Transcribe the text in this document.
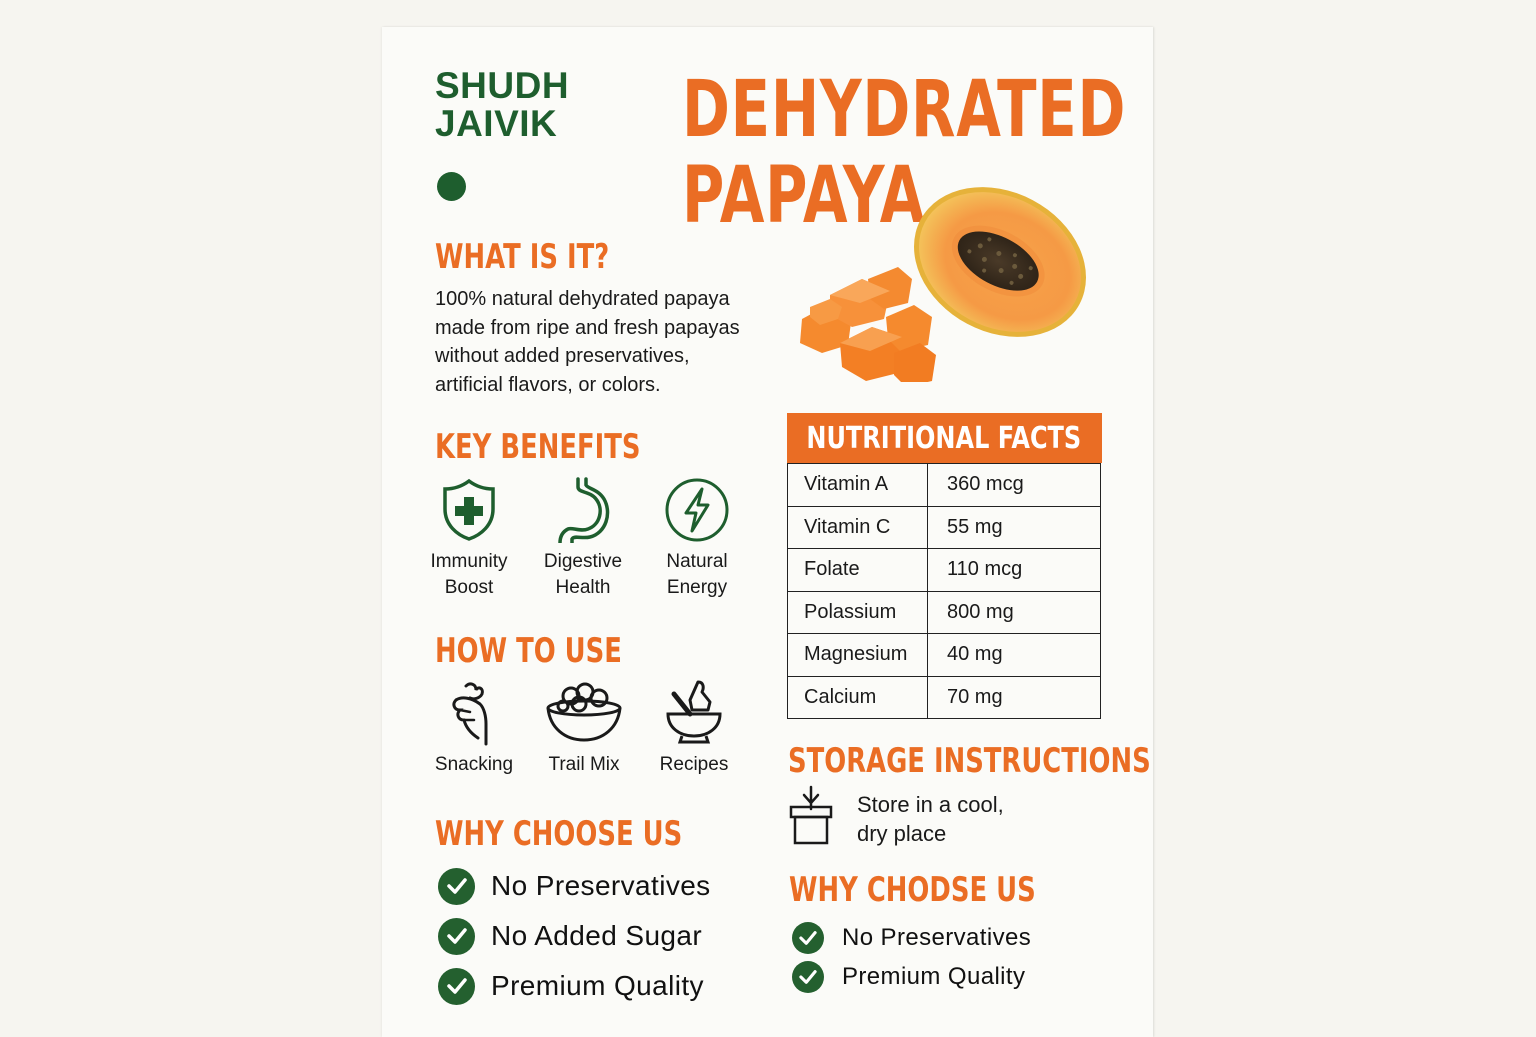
SHUDH
JAIVIK DEHYDRATED
PAPAYA
WHAT IS IT?
100% natural dehydrated papaya
made from ripe and fresh papayas
without added preservatives,
artificial flavors, or colors.
KEY BENEFITS
Immunity
Boost
Digestive
Health
Natural
Energy
HOW TO USE
Snacking	Trail Mix	Recipes
WHY CHOOSE US
No Preservatives
No Added Sugar
Premium Quality
NUTRITIONAL FACTS
Vitamin A	360 mcg
Vitamin C	55 mg
Folate	110 mcg
Polassium	800 mg
Magnesium	40 mg
Calcium	70 mg
STORAGE INSTRUCTIONS
Store in a cool,
dry place
WHY CHODSE US
No Preservatives
Premium Quality
